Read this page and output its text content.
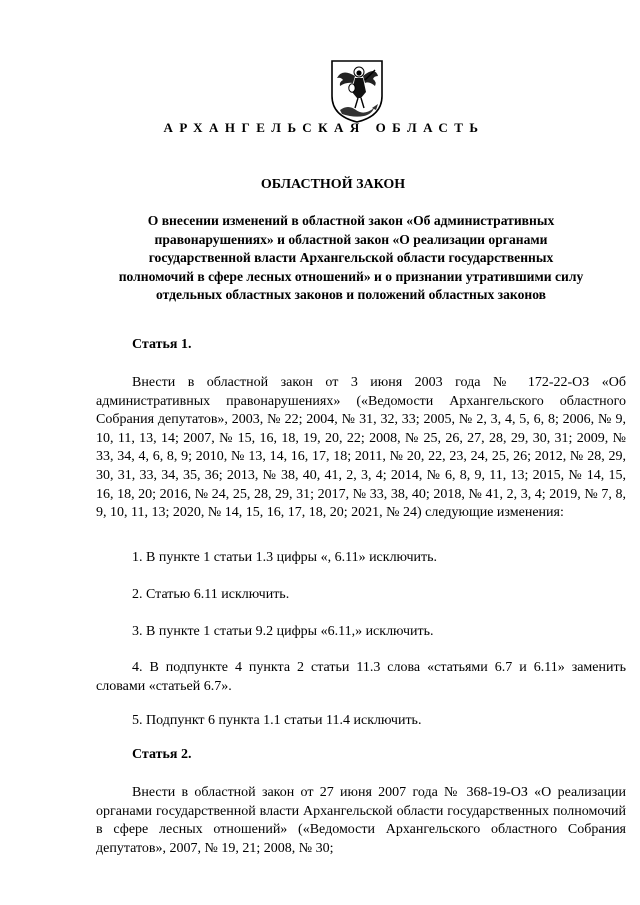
АРХАНГЕЛЬСКАЯ ОБЛАСТЬ
ОБЛАСТНОЙ ЗАКОН
О внесении изменений в областной закон «Об административных правонарушениях» и областной закон «О реализации органами государственной власти Архангельской области государственных полномочий в сфере лесных отношений» и о признании утратившими силу отдельных областных законов и положений областных законов
Статья 1.

Внести в областной закон от 3 июня 2003 года № 172-22-ОЗ «Об административных правонарушениях» («Ведомости Архангельского областного Собрания депутатов», 2003, № 22; 2004, № 31, 32, 33; 2005, № 2, 3, 4, 5, 6, 8; 2006, № 9, 10, 11, 13, 14; 2007, № 15, 16, 18, 19, 20, 22; 2008, № 25, 26, 27, 28, 29, 30, 31; 2009, № 33, 34, 4, 6, 8, 9; 2010, № 13, 14, 16, 17, 18; 2011, № 20, 22, 23, 24, 25, 26; 2012, № 28, 29, 30, 31, 33, 34, 35, 36; 2013, № 38, 40, 41, 2, 3, 4; 2014, № 6, 8, 9, 11, 13; 2015, № 14, 15, 16, 18, 20; 2016, № 24, 25, 28, 29, 31; 2017, № 33, 38, 40; 2018, № 41, 2, 3, 4; 2019, № 7, 8, 9, 10, 11, 13; 2020, № 14, 15, 16, 17, 18, 20; 2021, № 24) следующие изменения:

1. В пункте 1 статьи 1.3 цифры «, 6.11» исключить.

2. Статью 6.11 исключить.

3. В пункте 1 статьи 9.2 цифры «6.11,» исключить.

4. В подпункте 4 пункта 2 статьи 11.3 слова «статьями 6.7 и 6.11» заменить словами «статьей 6.7».

5. Подпункт 6 пункта 1.1 статьи 11.4 исключить.

Статья 2.

Внести в областной закон от 27 июня 2007 года № 368-19-ОЗ «О реализации органами государственной власти Архангельской области государственных полномочий в сфере лесных отношений» («Ведомости Архангельского областного Собрания депутатов», 2007, № 19, 21; 2008, № 30;
